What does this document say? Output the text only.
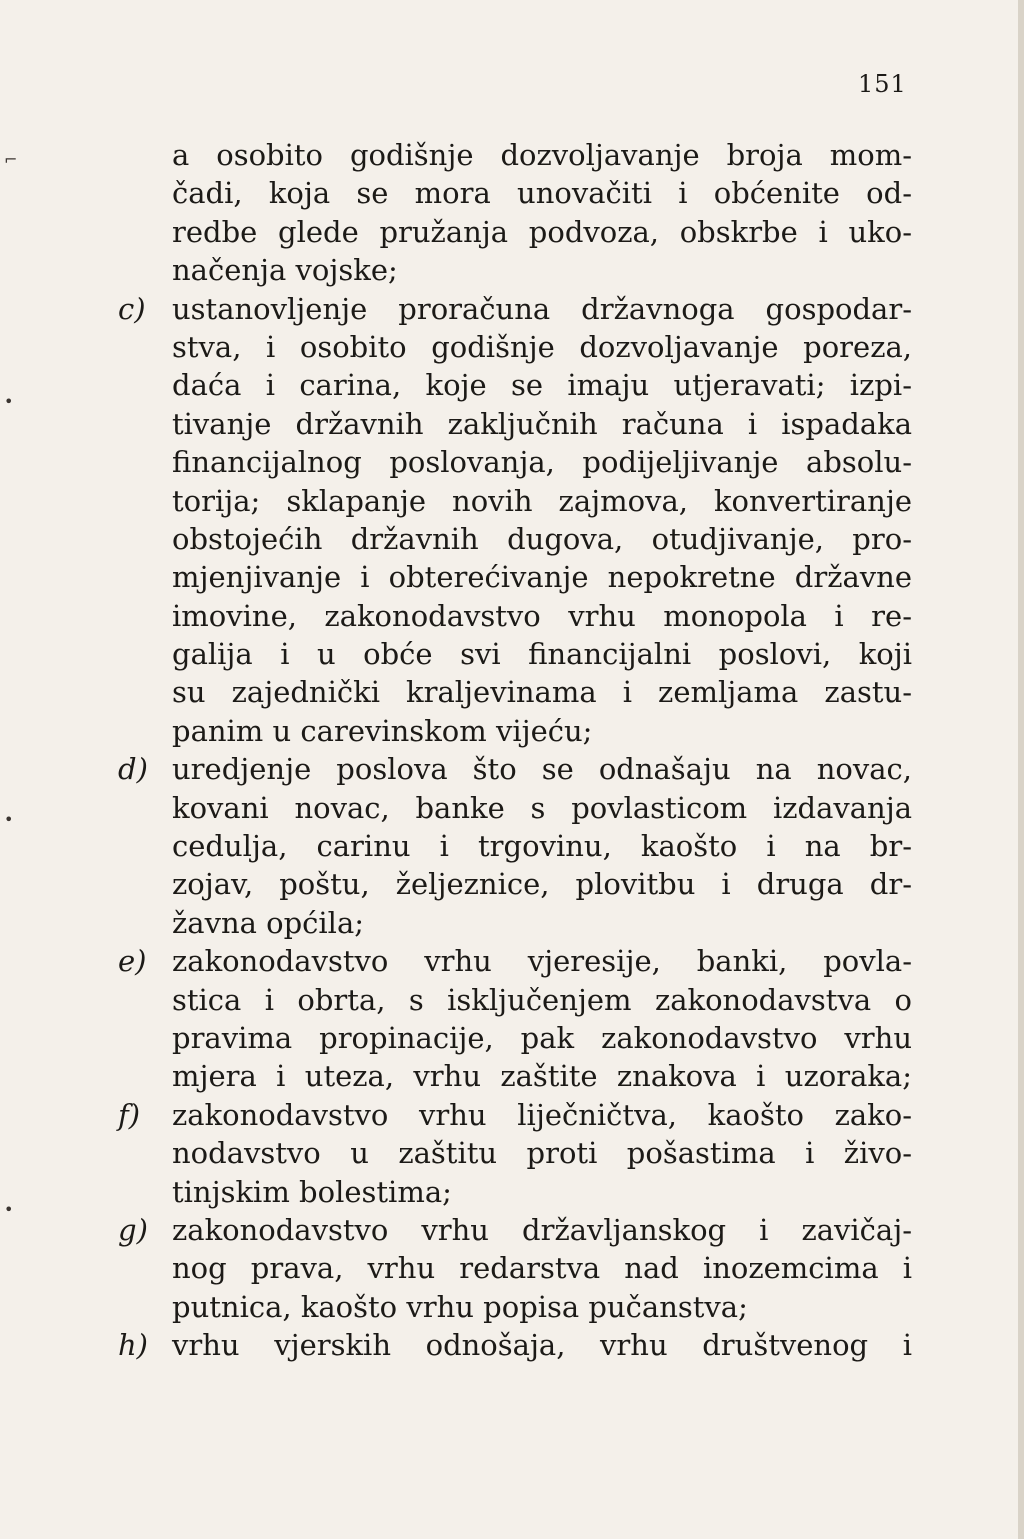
151
a osobito godišnje dozvoljavanje broja mom-
čadi, koja se mora unovačiti i obćenite od-
redbe glede pružanja podvoza, obskrbe i uko-
načenja vojske;
c) ustanovljenje proračuna državnoga gospodar-
stva, i osobito godišnje dozvoljavanje poreza,
daća i carina, koje se imaju utjeravati; izpi-
tivanje državnih zaključnih računa i ispadaka
financijalnog poslovanja, podijeljivanje absolu-
torija; sklapanje novih zajmova, konvertiranje
obstojećih državnih dugova, otudjivanje, pro-
mjenjivanje i obterećivanje nepokretne državne
imovine, zakonodavstvo vrhu monopola i re-
galija i u obće svi financijalni poslovi, koji
su zajednički kraljevinama i zemljama zastu-
panim u carevinskom vijeću;
d) uredjenje poslova što se odnašaju na novac,
kovani novac, banke s povlasticom izdavanja
cedulja, carinu i trgovinu, kaošto i na br-
zojav, poštu, željeznice, plovitbu i druga dr-
žavna općila;
e) zakonodavstvo vrhu vjeresije, banki, povla-
stica i obrta, s isključenjem zakonodavstva o
pravima propinacije, pak zakonodavstvo vrhu
mjera i uteza, vrhu zaštite znakova i uzoraka;
f) zakonodavstvo vrhu liječničtva, kaošto zako-
nodavstvo u zaštitu proti pošastima i živo-
tinjskim bolestima;
g) zakonodavstvo vrhu državljanskog i zavičaj-
nog prava, vrhu redarstva nad inozemcima i
putnica, kaošto vrhu popisa pučanstva;
h) vrhu vjerskih odnošaja, vrhu društvenog i
⌐
•
•
•
